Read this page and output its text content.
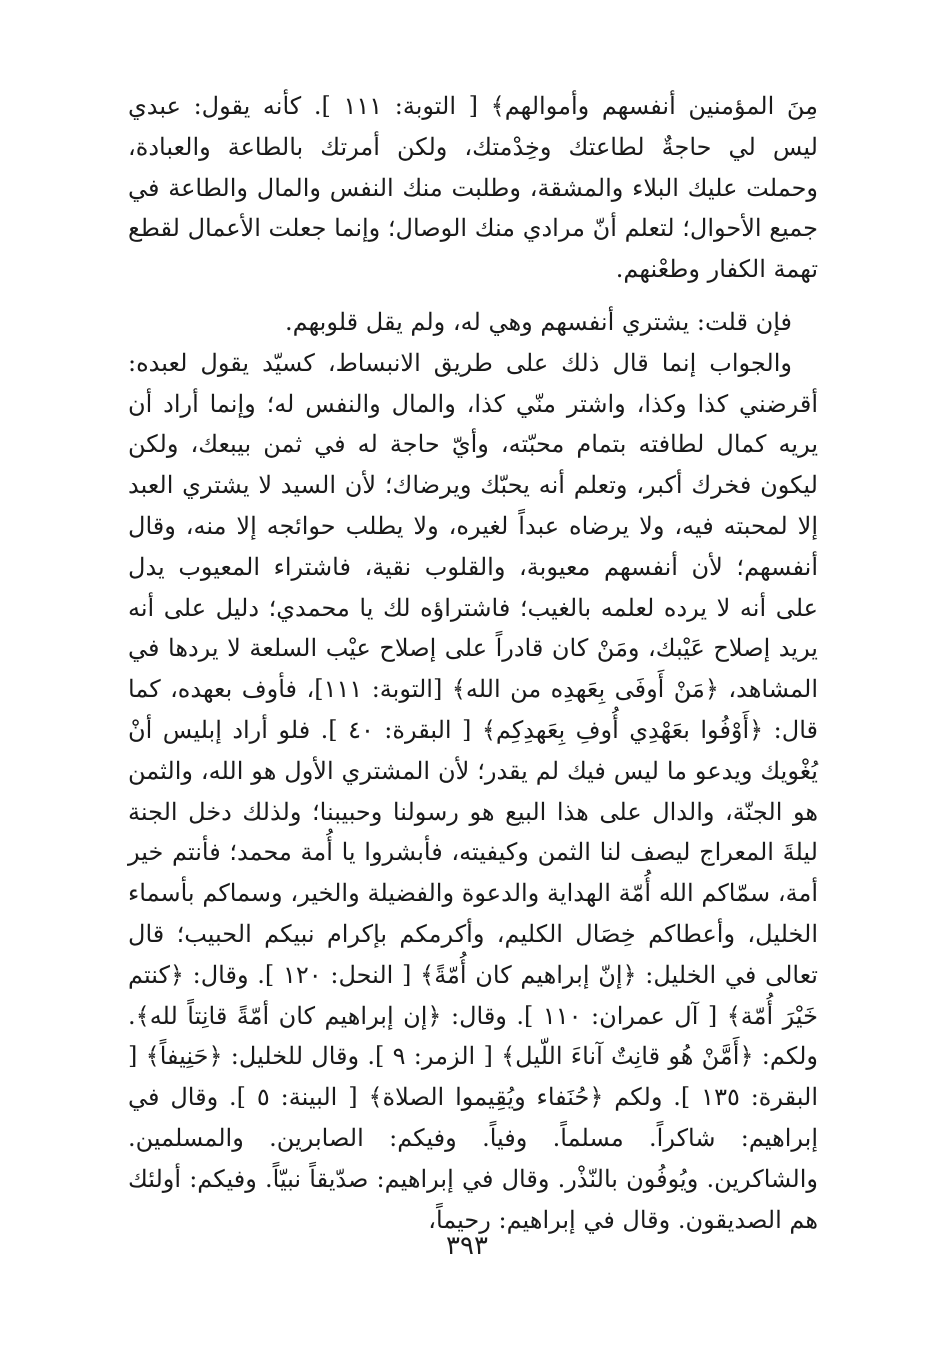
مِنَ المؤمنين أنفسهم وأموالهم﴾ [ التوبة: ١١١ ]. كأنه يقول: عبدي ليس لي حاجةٌ لطاعتك وخِدْمتك، ولكن أمرتك بالطاعة والعبادة، وحملت عليك البلاء والمشقة، وطلبت منك النفس والمال والطاعة في جميع الأحوال؛ لتعلم أنّ مرادي منك الوصال؛ وإنما جعلت الأعمال لقطع تهمة الكفار وطعْنهم.

فإن قلت: يشتري أنفسهم وهي له، ولم يقل قلوبهم.

والجواب إنما قال ذلك على طريق الانبساط، كسيّد يقول لعبده: أقرضني كذا وكذا، واشتر منّي كذا، والمال والنفس له؛ وإنما أراد أن يريه كمال لطافته بتمام محبّته، وأيّ حاجة له في ثمن بيبعك، ولكن ليكون فخرك أكبر، وتعلم أنه يحبّك ويرضاك؛ لأن السيد لا يشتري العبد إلا لمحبته فيه، ولا يرضاه عبداً لغيره، ولا يطلب حوائجه إلا منه، وقال أنفسهم؛ لأن أنفسهم معيوبة، والقلوب نقية، فاشتراء المعيوب يدل على أنه لا يرده لعلمه بالغيب؛ فاشتراؤه لك يا محمدي؛ دليل على أنه يريد إصلاح عَيْبك، ومَنْ كان قادراً على إصلاح عيْب السلعة لا يردها في المشاهد، ﴿مَنْ أَوفَى بِعَهدِه من الله﴾ [التوبة: ١١١]، فأوف بعهده، كما قال: ﴿أَوْفُوا بعَهْدِي أُوفِ بِعَهدِكِم﴾ [ البقرة: ٤٠ ]. فلو أراد إبليس أنْ يُغْويك ويدعو ما ليس فيك لم يقدر؛ لأن المشتري الأول هو الله، والثمن هو الجنّة، والدال على هذا البيع هو رسولنا وحبيبنا؛ ولذلك دخل الجنة ليلةَ المعراج ليصف لنا الثمن وكيفيته، فأبشروا يا أُمة محمد؛ فأنتم خير أمة، سمّاكم الله أُمّة الهداية والدعوة والفضيلة والخير، وسماكم بأسماء الخليل، وأعطاكم خِصَال الكليم، وأكرمكم بإكرام نبيكم الحبيب؛ قال تعالى في الخليل: ﴿إنّ إبراهيم كان أُمّةً﴾ [ النحل: ١٢٠ ]. وقال: ﴿كنتم خَيْرَ أُمّة﴾ [ آل عمران: ١١٠ ]. وقال: ﴿إن إبراهيم كان أمّةً قانِتاً لله﴾. ولكم: ﴿أَمَّنْ هُو قانِتٌ آناءَ اللّيل﴾ [ الزمر: ٩ ]. وقال للخليل: ﴿حَنِيفاً﴾ [ البقرة: ١٣٥ ]. ولكم ﴿حُنَفاء ويُقِيموا الصلاة﴾ [ البينة: ٥ ]. وقال في إبراهيم: شاكراً. مسلماً. وفياً. وفيكم: الصابرين. والمسلمين. والشاكرين. ويُوفُون بالنّذْر. وقال في إبراهيم: صدّيقاً نبيّاً. وفيكم: أولئك هم الصديقون. وقال في إبراهيم: رحيماً،

٣٩٣
